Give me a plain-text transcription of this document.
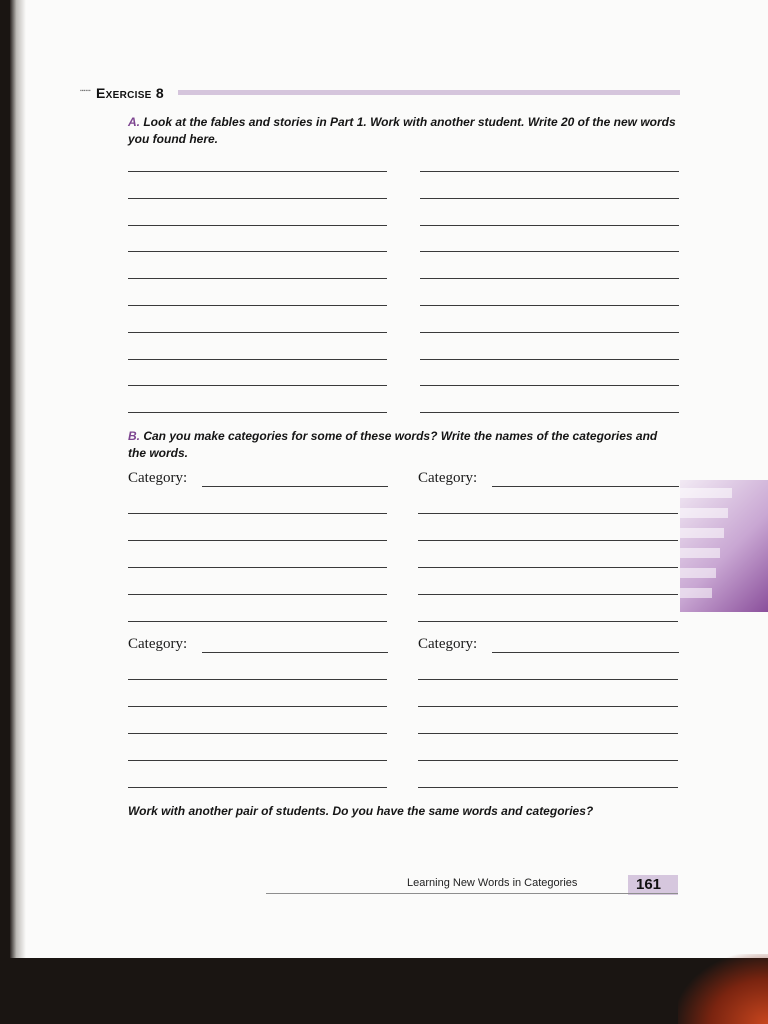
▪▪▪▪▪▪ Exercise 8
A. Look at the fables and stories in Part 1. Work with another student. Write 20 of the new words you found here.
B. Can you make categories for some of these words? Write the names of the categories and the words.
Category:	Category:
Category:	Category:
Work with another pair of students. Do you have the same words and categories?
Learning New Words in Categories	161
